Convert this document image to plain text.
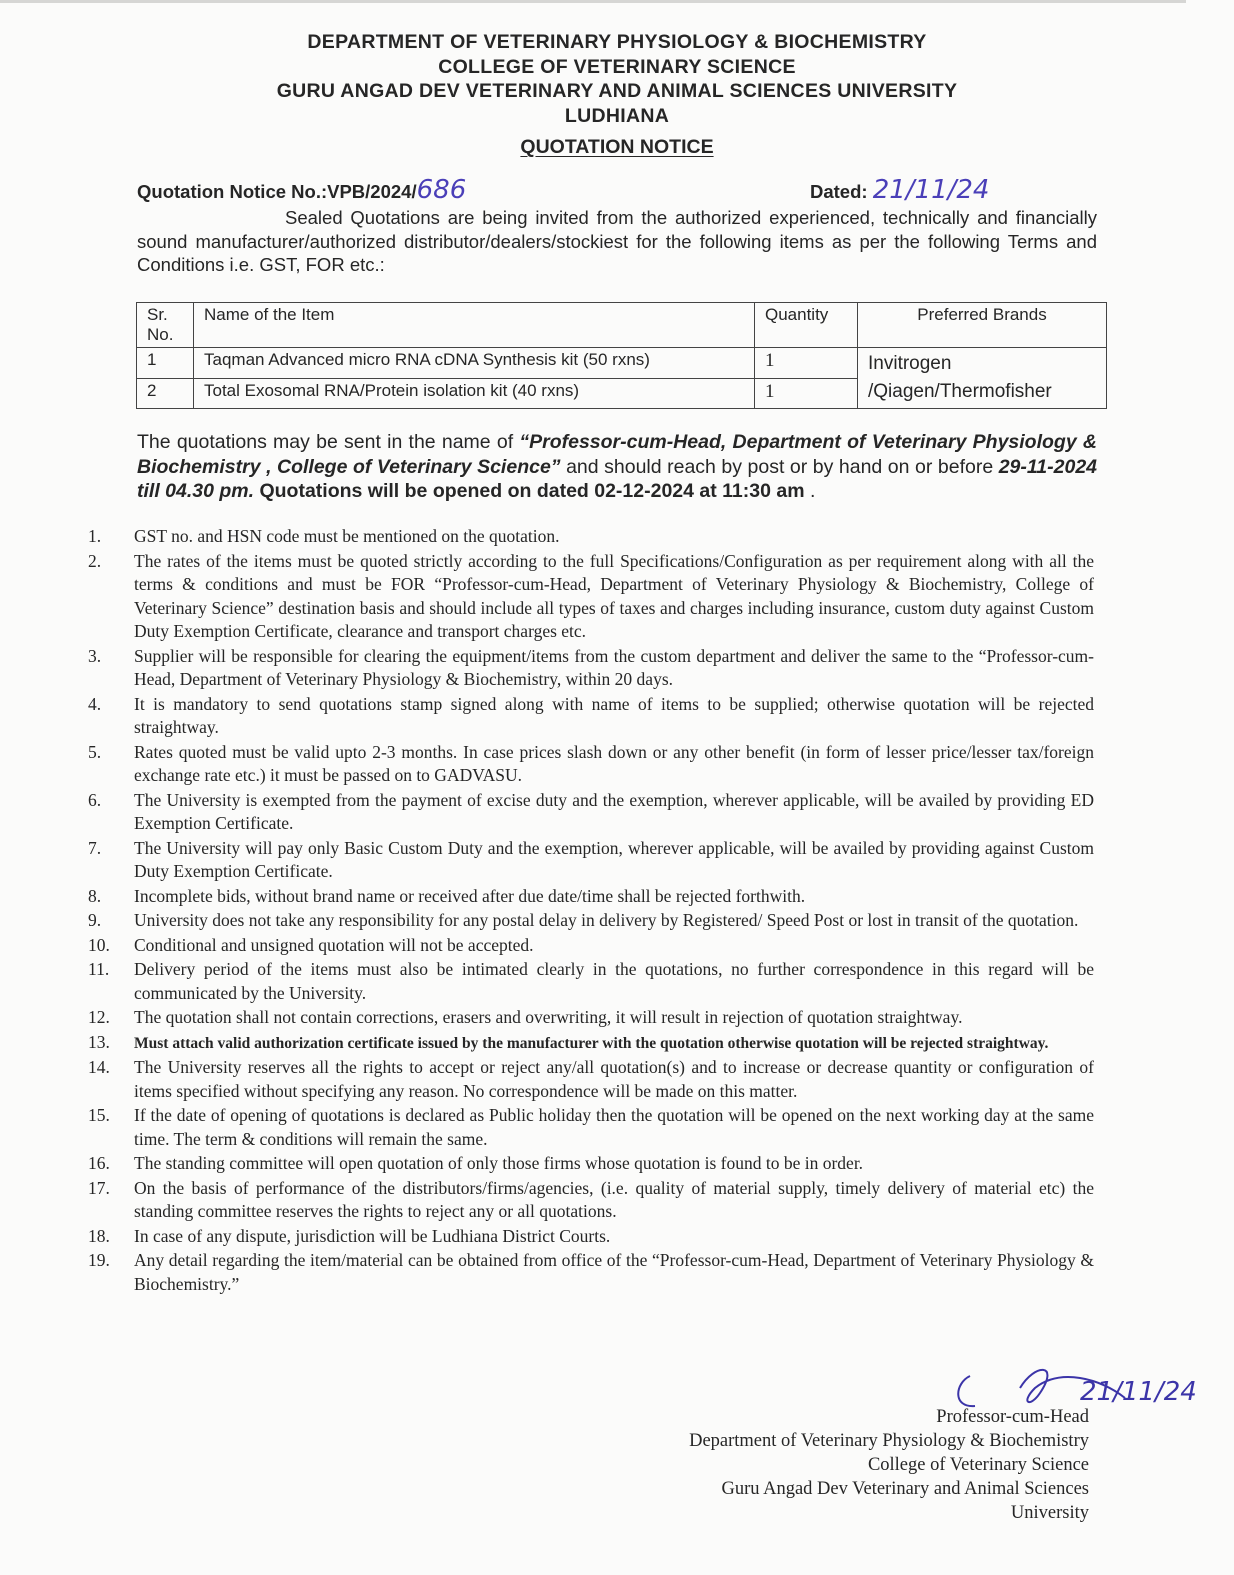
DEPARTMENT OF VETERINARY PHYSIOLOGY & BIOCHEMISTRY
COLLEGE OF VETERINARY SCIENCE
GURU ANGAD DEV VETERINARY AND ANIMAL SCIENCES UNIVERSITY
LUDHIANA
QUOTATION NOTICE
Quotation Notice No.:VPB/2024/686	Dated: 21/11/24
Sealed Quotations are being invited from the authorized experienced, technically and financially sound manufacturer/authorized distributor/dealers/stockiest for the following items as per the following Terms and Conditions i.e. GST, FOR etc.:
Sr. No.	Name of the Item	Quantity	Preferred Brands
1	Taqman Advanced micro RNA cDNA Synthesis kit (50 rxns)	1	Invitrogen
/Qiagen/Thermofisher

2	Total Exosomal RNA/Protein isolation kit (40 rxns)	1	
The quotations may be sent in the name of “Professor-cum-Head, Department of Veterinary Physiology & Biochemistry , College of Veterinary Science” and should reach by post or by hand on or before 29-11-2024 till 04.30 pm. Quotations will be opened on dated 02-12-2024 at 11:30 am .
1. GST no. and HSN code must be mentioned on the quotation.
2. The rates of the items must be quoted strictly according to the full Specifications/Configuration as per requirement along with all the terms & conditions and must be FOR “Professor-cum-Head, Department of Veterinary Physiology & Biochemistry, College of Veterinary Science” destination basis and should include all types of taxes and charges including insurance, custom duty against Custom Duty Exemption Certificate, clearance and transport charges etc.
3. Supplier will be responsible for clearing the equipment/items from the custom department and deliver the same to the “Professor-cum-Head, Department of Veterinary Physiology & Biochemistry, within 20 days.
4. It is mandatory to send quotations stamp signed along with name of items to be supplied; otherwise quotation will be rejected straightway.
5. Rates quoted must be valid upto 2-3 months. In case prices slash down or any other benefit (in form of lesser price/lesser tax/foreign exchange rate etc.) it must be passed on to GADVASU.
6. The University is exempted from the payment of excise duty and the exemption, wherever applicable, will be availed by providing ED Exemption Certificate.
7. The University will pay only Basic Custom Duty and the exemption, wherever applicable, will be availed by providing against Custom Duty Exemption Certificate.
8. Incomplete bids, without brand name or received after due date/time shall be rejected forthwith.
9. University does not take any responsibility for any postal delay in delivery by Registered/ Speed Post or lost in transit of the quotation.
10. Conditional and unsigned quotation will not be accepted.
11. Delivery period of the items must also be intimated clearly in the quotations, no further correspondence in this regard will be communicated by the University.
12. The quotation shall not contain corrections, erasers and overwriting, it will result in rejection of quotation straightway.
13. Must attach valid authorization certificate issued by the manufacturer with the quotation otherwise quotation will be rejected straightway.
14. The University reserves all the rights to accept or reject any/all quotation(s) and to increase or decrease quantity or configuration of items specified without specifying any reason. No correspondence will be made on this matter.
15. If the date of opening of quotations is declared as Public holiday then the quotation will be opened on the next working day at the same time. The term & conditions will remain the same.
16. The standing committee will open quotation of only those firms whose quotation is found to be in order.
17. On the basis of performance of the distributors/firms/agencies, (i.e. quality of material supply, timely delivery of material etc) the standing committee reserves the rights to reject any or all quotations.
18. In case of any dispute, jurisdiction will be Ludhiana District Courts.
19. Any detail regarding the item/material can be obtained from office of the “Professor-cum-Head, Department of Veterinary Physiology & Biochemistry.”
21/11/24
Professor-cum-Head
Department of Veterinary Physiology & Biochemistry
College of Veterinary Science
Guru Angad Dev Veterinary and Animal Sciences
University
